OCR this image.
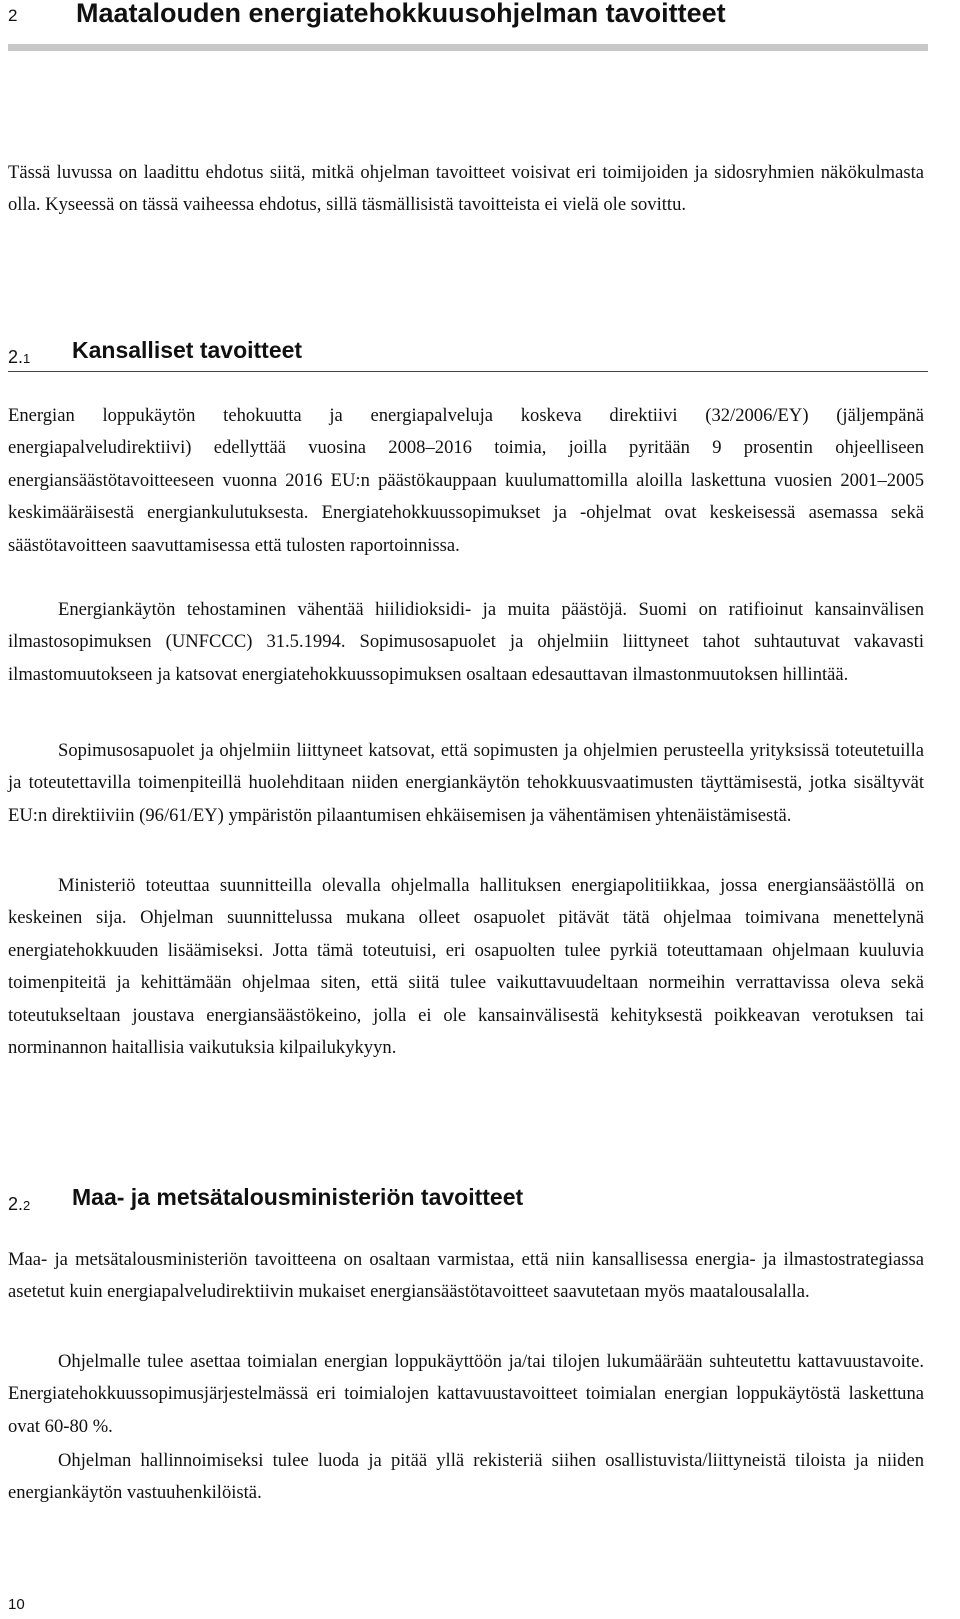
2 Maatalouden energiatehokkuusohjelman tavoitteet

Tässä luvussa on laadittu ehdotus siitä, mitkä ohjelman tavoitteet voisivat eri toimijoiden ja sidosryhmien näkökulmasta olla. Kyseessä on tässä vaiheessa ehdotus, sillä täsmällisistä tavoitteista ei vielä ole sovittu.

2.1 Kansalliset tavoitteet

Energian loppukäytön tehokuutta ja energiapalveluja koskeva direktiivi (32/2006/EY) (jäljempänä energiapalveludirektiivi) edellyttää vuosina 2008–2016 toimia, joilla pyritään 9 prosentin ohjeelliseen energiansäästötavoitteeseen vuonna 2016 EU:n päästökauppaan kuulumattomilla aloilla laskettuna vuosien 2001–2005 keskimääräisestä energiankulutuksesta. Energiatehokkuussopimukset ja -ohjelmat ovat keskeisessä asemassa sekä säästötavoitteen saavuttamisessa että tulosten raportoinnissa.

Energiankäytön tehostaminen vähentää hiilidioksidi- ja muita päästöjä. Suomi on ratifioinut kansainvälisen ilmastosopimuksen (UNFCCC) 31.5.1994. Sopimusosapuolet ja ohjelmiin liittyneet tahot suhtautuvat vakavasti ilmastomuutokseen ja katsovat energiatehokkuussopimuksen osaltaan edesauttavan ilmastonmuutoksen hillintää.

Sopimusosapuolet ja ohjelmiin liittyneet katsovat, että sopimusten ja ohjelmien perusteella yrityksissä toteutetuilla ja toteutettavilla toimenpiteillä huolehditaan niiden energiankäytön tehokkuusvaatimusten täyttämisestä, jotka sisältyvät EU:n direktiiviin (96/61/EY) ympäristön pilaantumisen ehkäisemisen ja vähentämisen yhtenäistämisestä.

Ministeriö toteuttaa suunnitteilla olevalla ohjelmalla hallituksen energiapolitiikkaa, jossa energiansäästöllä on keskeinen sija. Ohjelman suunnittelussa mukana olleet osapuolet pitävät tätä ohjelmaa toimivana menettelynä energiatehokkuuden lisäämiseksi. Jotta tämä toteutuisi, eri osapuolten tulee pyrkiä toteuttamaan ohjelmaan kuuluvia toimenpiteitä ja kehittämään ohjelmaa siten, että siitä tulee vaikuttavuudeltaan normeihin verrattavissa oleva sekä toteutukseltaan joustava energiansäästökeino, jolla ei ole kansainvälisestä kehityksestä poikkeavan verotuksen tai norminannon haitallisia vaikutuksia kilpailukykyyn.

2.2 Maa- ja metsätalousministeriön tavoitteet

Maa- ja metsätalousministeriön tavoitteena on osaltaan varmistaa, että niin kansallisessa energia- ja ilmastostrategiassa asetetut kuin energiapalveludirektiivin mukaiset energiansäästötavoitteet saavutetaan myös maatalousalalla.

Ohjelmalle tulee asettaa toimialan energian loppukäyttöön ja/tai tilojen lukumäärään suhteutettu kattavuustavoite. Energiatehokkuussopimusjärjestelmässä eri toimialojen kattavuustavoitteet toimialan energian loppukäytöstä laskettuna ovat 60-80 %.

Ohjelman hallinnoimiseksi tulee luoda ja pitää yllä rekisteriä siihen osallistuvista/liittyneistä tiloista ja niiden energiankäytön vastuuhenkilöistä.

10
